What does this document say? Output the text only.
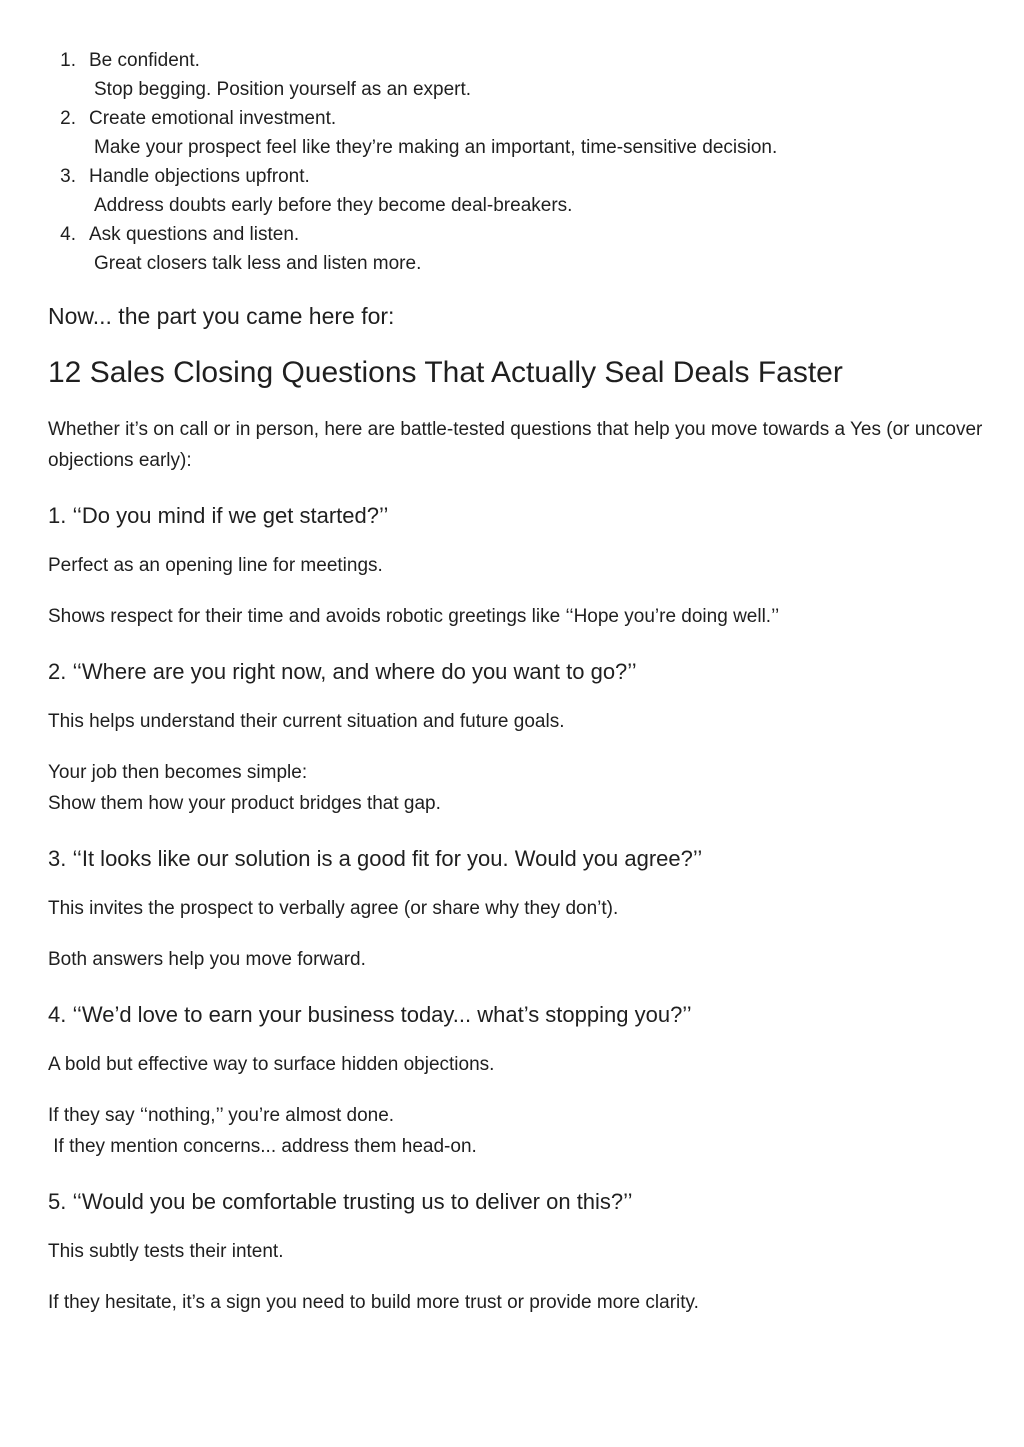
1. Be confident.
Stop begging. Position yourself as an expert.
2. Create emotional investment.
Make your prospect feel like they’re making an important, time-sensitive decision.
3. Handle objections upfront.
Address doubts early before they become deal-breakers.
4. Ask questions and listen.
Great closers talk less and listen more.

Now... the part you came here for:

12 Sales Closing Questions That Actually Seal Deals Faster

Whether it’s on call or in person, here are battle-tested questions that help you move towards a Yes (or uncover objections early):

1. ‘‘Do you mind if we get started?’’

Perfect as an opening line for meetings.

Shows respect for their time and avoids robotic greetings like ‘‘Hope you’re doing well.’’

2. ‘‘Where are you right now, and where do you want to go?’’

This helps understand their current situation and future goals.

Your job then becomes simple:
Show them how your product bridges that gap.

3. ‘‘It looks like our solution is a good fit for you. Would you agree?’’

This invites the prospect to verbally agree (or share why they don’t).

Both answers help you move forward.

4. ‘‘We’d love to earn your business today... what’s stopping you?’’

A bold but effective way to surface hidden objections.

If they say ‘‘nothing,’’ you’re almost done.
If they mention concerns... address them head-on.

5. ‘‘Would you be comfortable trusting us to deliver on this?’’

This subtly tests their intent.

If they hesitate, it’s a sign you need to build more trust or provide more clarity.
